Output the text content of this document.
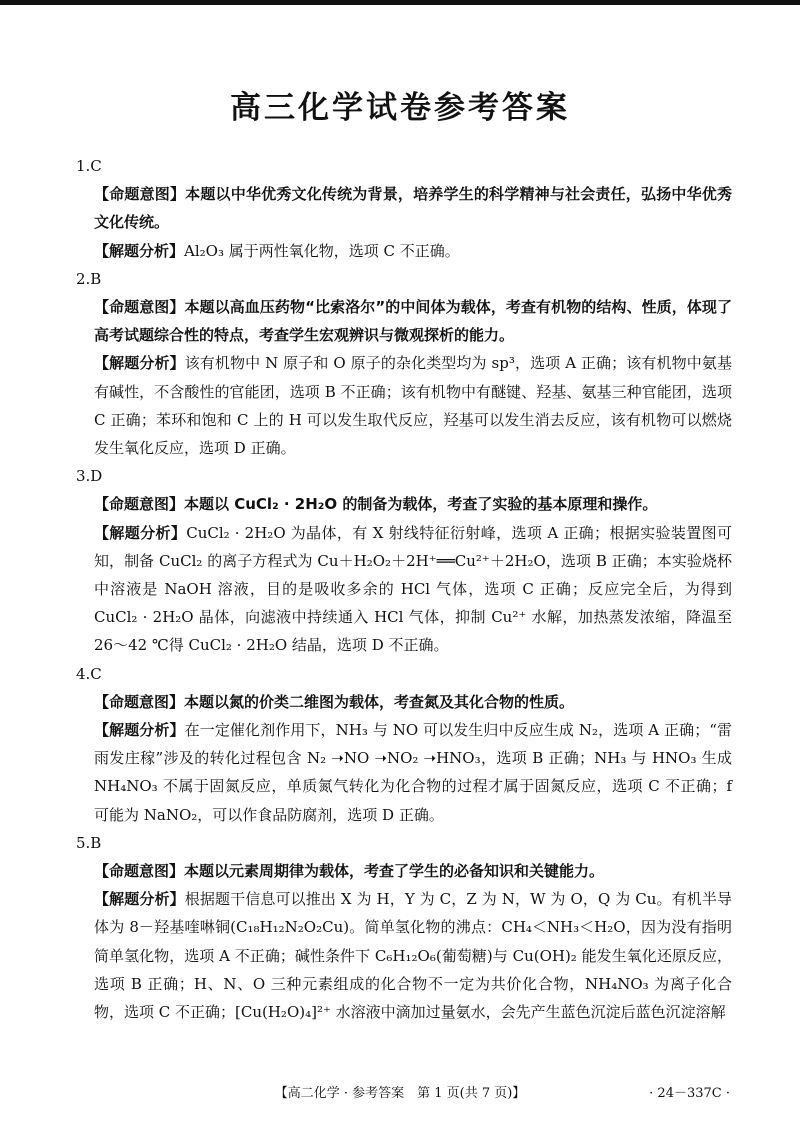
高三化学试卷参考答案

1.C

【命题意图】本题以中华优秀文化传统为背景，培养学生的科学精神与社会责任，弘扬中华优秀文化传统。

【解题分析】Al₂O₃ 属于两性氧化物，选项 C 不正确。

2.B

【命题意图】本题以高血压药物“比索洛尔”的中间体为载体，考查有机物的结构、性质，体现了高考试题综合性的特点，考查学生宏观辨识与微观探析的能力。

【解题分析】该有机物中 N 原子和 O 原子的杂化类型均为 sp³，选项 A 正确；该有机物中氨基有碱性，不含酸性的官能团，选项 B 不正确；该有机物中有醚键、羟基、氨基三种官能团，选项 C 正确；苯环和饱和 C 上的 H 可以发生取代反应，羟基可以发生消去反应，该有机物可以燃烧发生氧化反应，选项 D 正确。

3.D

【命题意图】本题以 CuCl₂ · 2H₂O 的制备为载体，考查了实验的基本原理和操作。

【解题分析】CuCl₂ · 2H₂O 为晶体，有 X 射线特征衍射峰，选项 A 正确；根据实验装置图可知，制备 CuCl₂ 的离子方程式为 Cu＋H₂O₂＋2H⁺══Cu²⁺＋2H₂O，选项 B 正确；本实验烧杯中溶液是 NaOH 溶液，目的是吸收多余的 HCl 气体，选项 C 正确；反应完全后，为得到 CuCl₂ · 2H₂O 晶体，向滤液中持续通入 HCl 气体，抑制 Cu²⁺ 水解，加热蒸发浓缩，降温至 26～42 ℃得 CuCl₂ · 2H₂O 结晶，选项 D 不正确。

4.C

【命题意图】本题以氮的价类二维图为载体，考查氮及其化合物的性质。

【解题分析】在一定催化剂作用下，NH₃ 与 NO 可以发生归中反应生成 N₂，选项 A 正确；“雷雨发庄稼”涉及的转化过程包含 N₂ ➝NO ➝NO₂ ➝HNO₃，选项 B 正确；NH₃ 与 HNO₃ 生成 NH₄NO₃ 不属于固氮反应，单质氮气转化为化合物的过程才属于固氮反应，选项 C 不正确；f 可能为 NaNO₂，可以作食品防腐剂，选项 D 正确。

5.B

【命题意图】本题以元素周期律为载体，考查了学生的必备知识和关键能力。

【解题分析】根据题干信息可以推出 X 为 H，Y 为 C，Z 为 N，W 为 O，Q 为 Cu。有机半导体为 8－羟基喹啉铜(C₁₈H₁₂N₂O₂Cu)。简单氢化物的沸点：CH₄＜NH₃＜H₂O，因为没有指明简单氢化物，选项 A 不正确；碱性条件下 C₆H₁₂O₆(葡萄糖)与 Cu(OH)₂ 能发生氧化还原反应，选项 B 正确；H、N、O 三种元素组成的化合物不一定为共价化合物，NH₄NO₃ 为离子化合物，选项 C 不正确；[Cu(H₂O)₄]²⁺ 水溶液中滴加过量氨水，会先产生蓝色沉淀后蓝色沉淀溶解

【高二化学 · 参考答案　第 1 页(共 7 页)】	· 24－337C ·
